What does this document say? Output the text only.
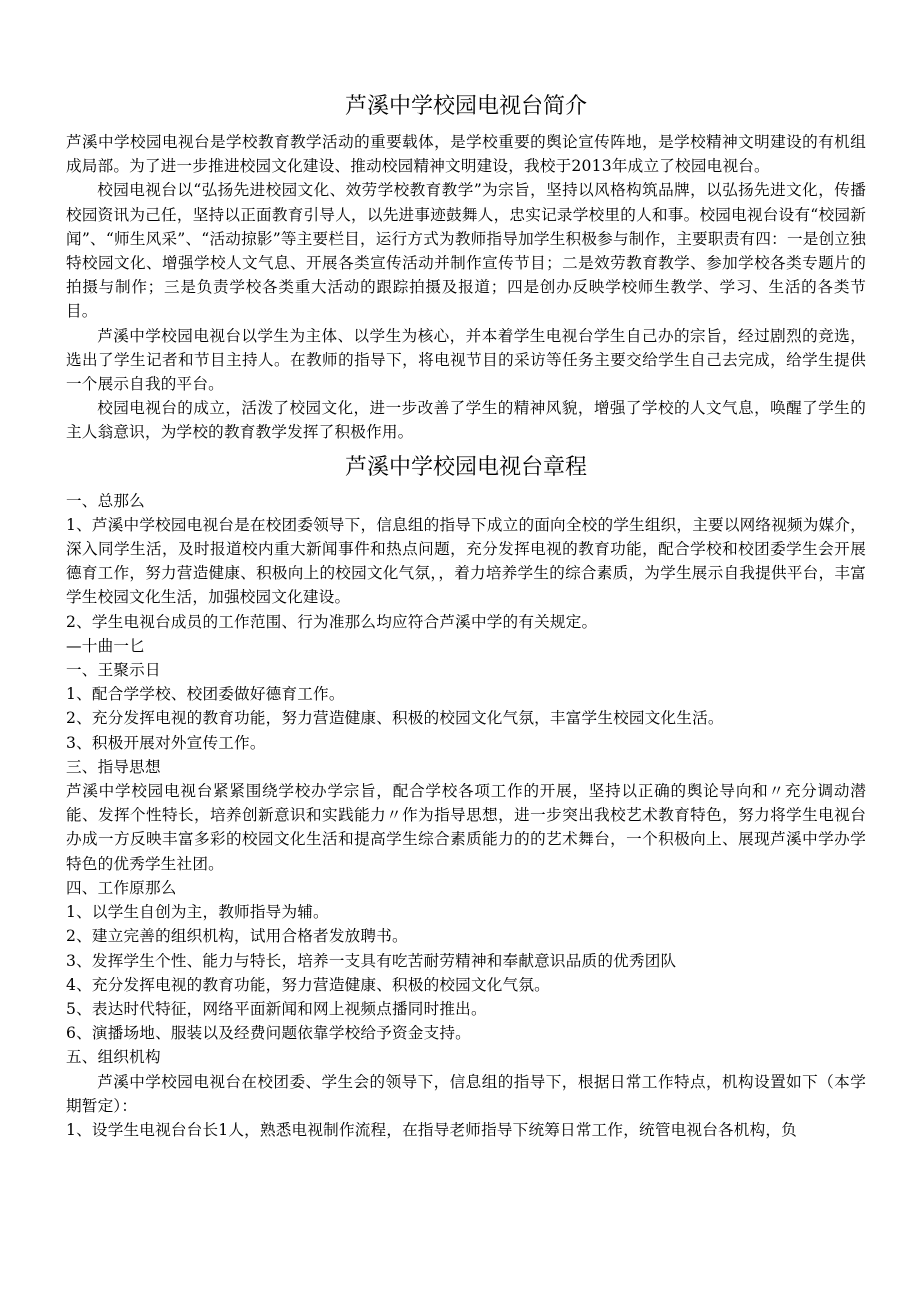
芦溪中学校园电视台简介

芦溪中学校园电视台是学校教育教学活动的重要载体，是学校重要的舆论宣传阵地，是学校精神文明建设的有机组成局部。为了进一步推进校园文化建设、推动校园精神文明建设，我校于2013年成立了校园电视台。

校园电视台以“弘扬先进校园文化、效劳学校教育教学”为宗旨，坚持以风格构筑品牌，以弘扬先进文化，传播校园资讯为己任，坚持以正面教育引导人，以先进事迹鼓舞人，忠实记录学校里的人和事。校园电视台设有“校园新闻”、“师生风采”、“活动掠影”等主要栏目，运行方式为教师指导加学生积极参与制作，主要职责有四：一是创立独特校园文化、增强学校人文气息、开展各类宣传活动并制作宣传节目；二是效劳教育教学、参加学校各类专题片的拍摄与制作；三是负责学校各类重大活动的跟踪拍摄及报道；四是创办反映学校师生教学、学习、生活的各类节目。

芦溪中学校园电视台以学生为主体、以学生为核心，并本着学生电视台学生自己办的宗旨，经过剧烈的竞选，选出了学生记者和节目主持人。在教师的指导下，将电视节目的采访等任务主要交给学生自己去完成，给学生提供一个展示自我的平台。

校园电视台的成立，活泼了校园文化，进一步改善了学生的精神风貌，增强了学校的人文气息，唤醒了学生的主人翁意识，为学校的教育教学发挥了积极作用。

芦溪中学校园电视台章程

一、总那么

1、芦溪中学校园电视台是在校团委领导下，信息组的指导下成立的面向全校的学生组织，主要以网络视频为媒介，深入同学生活，及时报道校内重大新闻事件和热点问题，充分发挥电视的教育功能，配合学校和校团委学生会开展德育工作，努力营造健康、积极向上的校园文化气氛，，着力培养学生的综合素质，为学生展示自我提供平台，丰富学生校园文化生活，加强校园文化建设。

2、学生电视台成员的工作范围、行为准那么均应符合芦溪中学的有关规定。

—十曲一匕

一、王聚示日

1、配合学学校、校团委做好德育工作。

2、充分发挥电视的教育功能，努力营造健康、积极的校园文化气氛，丰富学生校园文化生活。

3、积极开展对外宣传工作。

三、指导思想

芦溪中学校园电视台紧紧围绕学校办学宗旨，配合学校各项工作的开展，坚持以正确的舆论导向和〃充分调动潜能、发挥个性特长，培养创新意识和实践能力〃作为指导思想，进一步突出我校艺术教育特色，努力将学生电视台办成一方反映丰富多彩的校园文化生活和提高学生综合素质能力的的艺术舞台，一个积极向上、展现芦溪中学办学特色的优秀学生社团。

四、工作原那么

1、以学生自创为主，教师指导为辅。

2、建立完善的组织机构，试用合格者发放聘书。

3、发挥学生个性、能力与特长，培养一支具有吃苦耐劳精神和奉献意识品质的优秀团队

4、充分发挥电视的教育功能，努力营造健康、积极的校园文化气氛。

5、表达时代特征，网络平面新闻和网上视频点播同时推出。

6、演播场地、服装以及经费问题依靠学校给予资金支持。

五、组织机构

芦溪中学校园电视台在校团委、学生会的领导下，信息组的指导下，根据日常工作特点，机构设置如下（本学期暂定）：

1、设学生电视台台长1人，熟悉电视制作流程，在指导老师指导下统筹日常工作，统管电视台各机构，负
